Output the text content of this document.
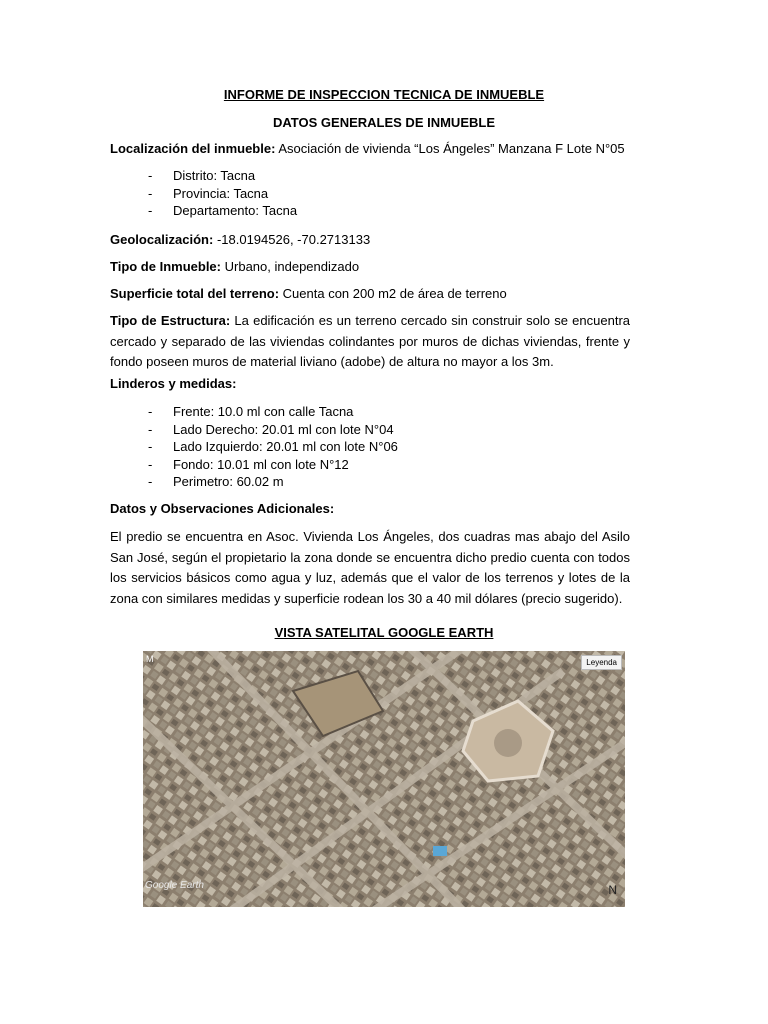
INFORME DE INSPECCION TECNICA DE INMUEBLE
DATOS GENERALES DE INMUEBLE
Localización del inmueble: Asociación de vivienda “Los Ángeles” Manzana F Lote N°05
- Distrito: Tacna
- Provincia: Tacna
- Departamento: Tacna
Geolocalización: -18.0194526, -70.2713133
Tipo de Inmueble: Urbano, independizado
Superficie total del terreno: Cuenta con 200 m2 de área de terreno
Tipo de Estructura: La edificación es un terreno cercado sin construir solo se encuentra cercado y separado de las viviendas colindantes por muros de dichas viviendas, frente y fondo poseen muros de material liviano (adobe) de altura no mayor a los 3m.
Linderos y medidas:
- Frente: 10.0 ml con calle Tacna
- Lado Derecho: 20.01 ml con lote N°04
- Lado Izquierdo: 20.01 ml con lote N°06
- Fondo: 10.01 ml con lote N°12
- Perimetro: 60.02 m
Datos y Observaciones Adicionales:
El predio se encuentra en Asoc. Vivienda Los Ángeles, dos cuadras mas abajo del Asilo San José, según el propietario la zona donde se encuentra dicho predio cuenta con todos los servicios básicos como agua y luz, además que el valor de los terrenos y lotes de la zona con similares medidas y superficie rodean los 30 a 40 mil dólares (precio sugerido).
VISTA SATELITAL GOOGLE EARTH
Leyenda
Google Earth	N
M
